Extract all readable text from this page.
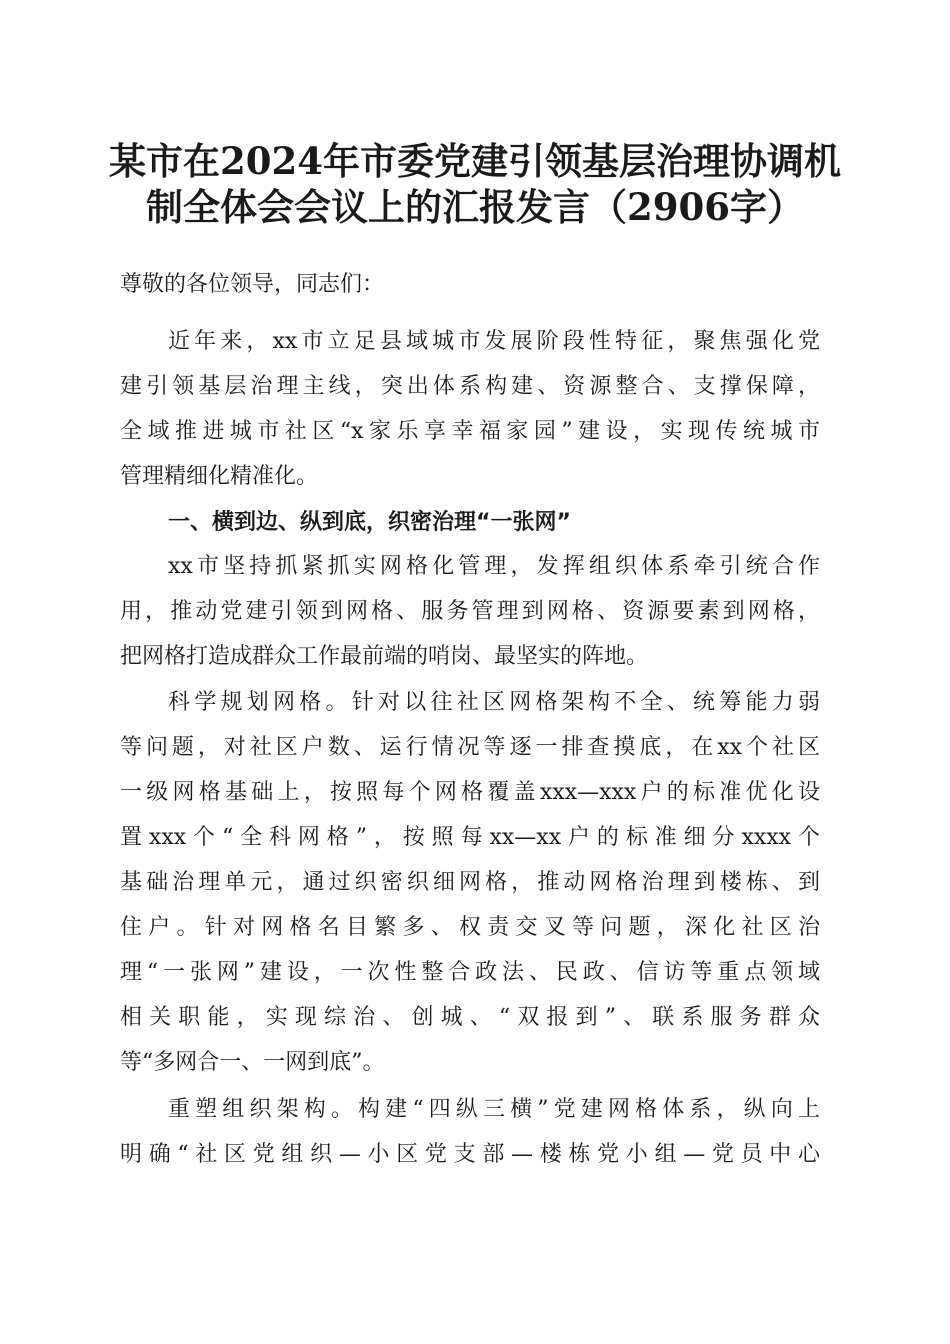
某市在2024年市委党建引领基层治理协调机
制全体会会议上的汇报发言（2906字）
尊敬的各位领导，同志们：
近年来，xx市立足县域城市发展阶段性特征，聚焦强化党
建引领基层治理主线，突出体系构建、资源整合、支撑保障，
全域推进城市社区“x家乐享幸福家园”建设，实现传统城市
管理精细化精准化。
一、横到边、纵到底，织密治理“一张网”
xx市坚持抓紧抓实网格化管理，发挥组织体系牵引统合作
用，推动党建引领到网格、服务管理到网格、资源要素到网格，
把网格打造成群众工作最前端的哨岗、最坚实的阵地。
科学规划网格。针对以往社区网格架构不全、统筹能力弱
等问题，对社区户数、运行情况等逐一排查摸底，在xx个社区
一级网格基础上，按照每个网格覆盖xxx—xxx户的标准优化设
置xxx个“全科网格”，按照每xx—xx户的标准细分xxxx个
基础治理单元，通过织密织细网格，推动网格治理到楼栋、到
住户。针对网格名目繁多、权责交叉等问题，深化社区治
理“一张网”建设，一次性整合政法、民政、信访等重点领域
相关职能，实现综治、创城、“双报到”、联系服务群众
等“多网合一、一网到底”。
重塑组织架构。构建“四纵三横”党建网格体系，纵向上
明确“社区党组织—小区党支部—楼栋党小组—党员中心
